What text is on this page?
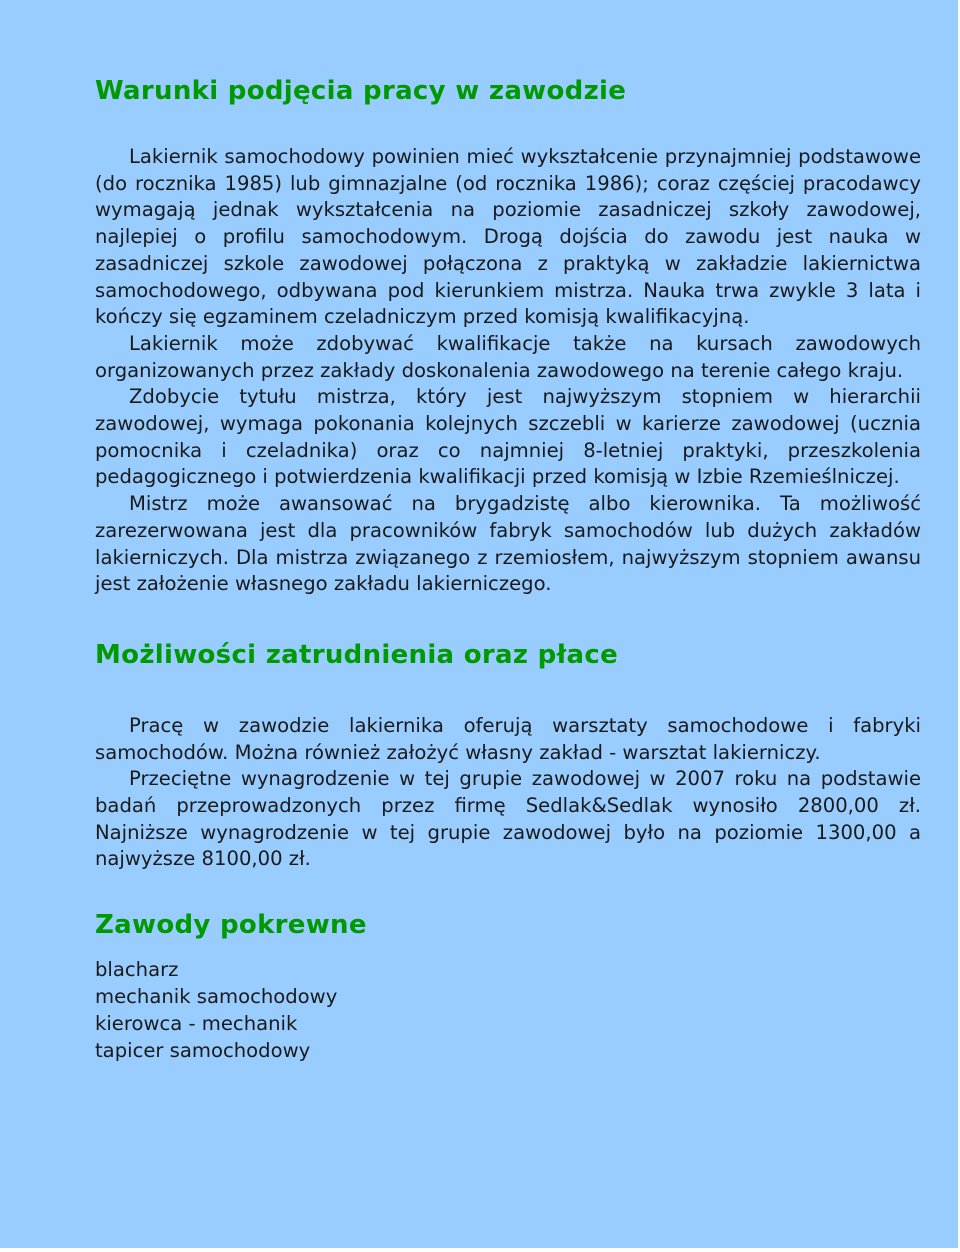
Warunki podjęcia pracy w zawodzie

Lakiernik samochodowy powinien mieć wykształcenie przynajmniej podstawowe (do rocznika 1985) lub gimnazjalne (od rocznika 1986); coraz częściej pracodawcy wymagają jednak wykształcenia na poziomie zasadniczej szkoły zawodowej, najlepiej o profilu samochodowym. Drogą dojścia do zawodu jest nauka w zasadniczej szkole zawodowej połączona z praktyką w zakładzie lakiernictwa samochodowego, odbywana pod kierunkiem mistrza. Nauka trwa zwykle 3 lata i kończy się egzaminem czeladniczym przed komisją kwalifikacyjną.

Lakiernik może zdobywać kwalifikacje także na kursach zawodowych organizowanych przez zakłady doskonalenia zawodowego na terenie całego kraju.

Zdobycie tytułu mistrza, który jest najwyższym stopniem w hierarchii zawodowej, wymaga pokonania kolejnych szczebli w karierze zawodowej (ucznia pomocnika i czeladnika) oraz co najmniej 8-letniej praktyki, przeszkolenia pedagogicznego i potwierdzenia kwalifikacji przed komisją w Izbie Rzemieślniczej.

Mistrz może awansować na brygadzistę albo kierownika. Ta możliwość zarezerwowana jest dla pracowników fabryk samochodów lub dużych zakładów lakierniczych. Dla mistrza związanego z rzemiosłem, najwyższym stopniem awansu jest założenie własnego zakładu lakierniczego.

Możliwości zatrudnienia oraz płace

Pracę w zawodzie lakiernika oferują warsztaty samochodowe i fabryki samochodów. Można również założyć własny zakład - warsztat lakierniczy.

Przeciętne wynagrodzenie w tej grupie zawodowej w 2007 roku na podstawie badań przeprowadzonych przez firmę Sedlak&Sedlak wynosiło 2800,00 zł. Najniższe wynagrodzenie w tej grupie zawodowej było na poziomie 1300,00 a najwyższe 8100,00 zł.

Zawody pokrewne
blacharz
mechanik samochodowy
kierowca - mechanik
tapicer samochodowy
